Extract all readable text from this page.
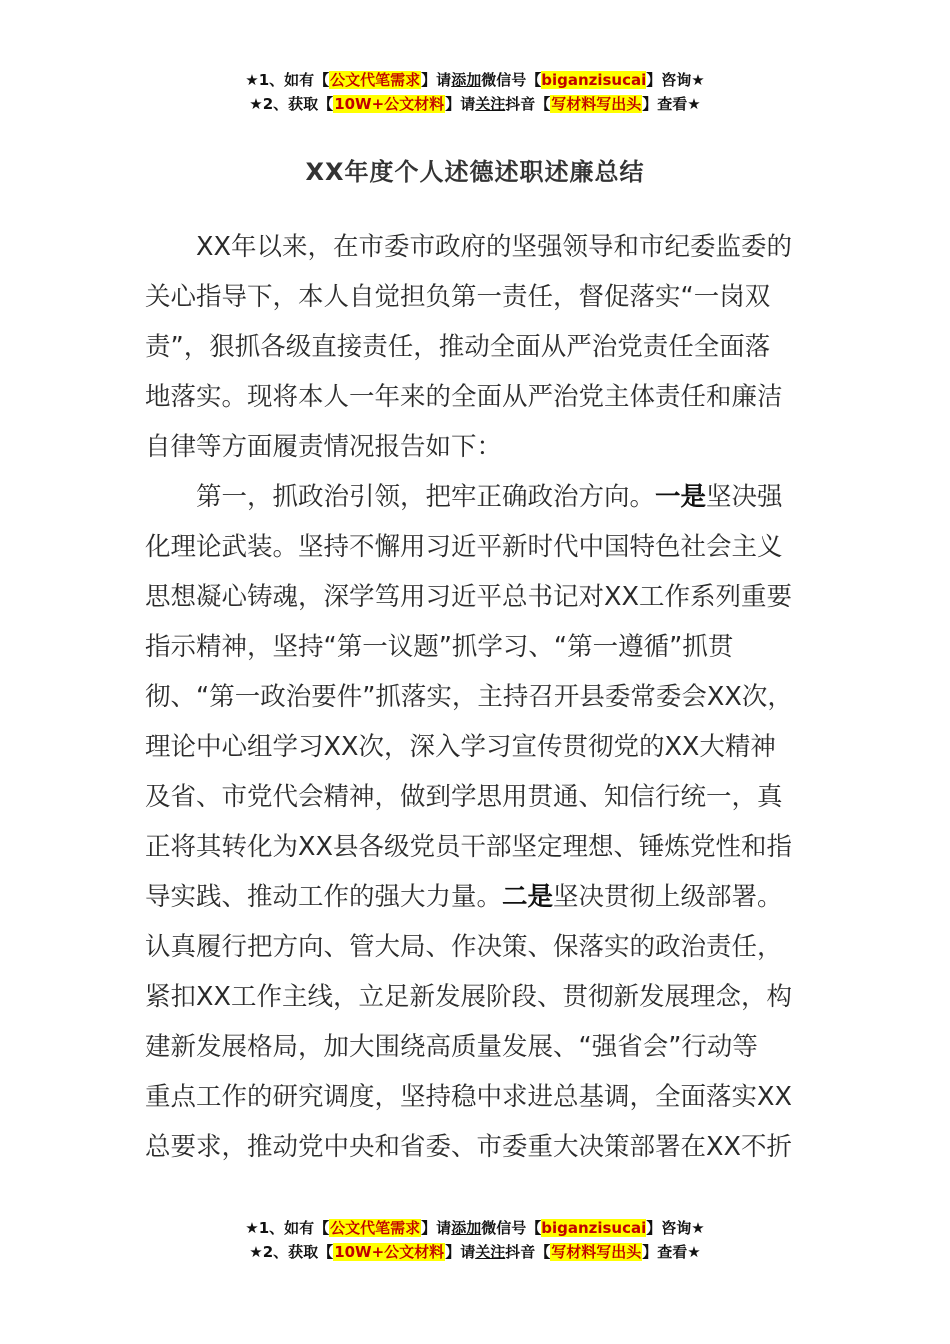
★1、如有【公文代笔需求】请添加微信号【biganzisucai】咨询★
★2、获取【10W+公文材料】请关注抖音【写材料写出头】查看★
XX年度个人述德述职述廉总结
XX年以来，在市委市政府的坚强领导和市纪委监委的
关心指导下，本人自觉担负第一责任，督促落实“一岗双
责”，狠抓各级直接责任，推动全面从严治党责任全面落
地落实。现将本人一年来的全面从严治党主体责任和廉洁
自律等方面履责情况报告如下：
第一，抓政治引领，把牢正确政治方向。一是坚决强
化理论武装。坚持不懈用习近平新时代中国特色社会主义
思想凝心铸魂，深学笃用习近平总书记对XX工作系列重要
指示精神，坚持“第一议题”抓学习、“第一遵循”抓贯
彻、“第一政治要件”抓落实，主持召开县委常委会XX次，
理论中心组学习XX次，深入学习宣传贯彻党的XX大精神
及省、市党代会精神，做到学思用贯通、知信行统一，真
正将其转化为XX县各级党员干部坚定理想、锤炼党性和指
导实践、推动工作的强大力量。二是坚决贯彻上级部署。
认真履行把方向、管大局、作决策、保落实的政治责任，
紧扣XX工作主线，立足新发展阶段、贯彻新发展理念，构
建新发展格局，加大围绕高质量发展、“强省会”行动等
重点工作的研究调度，坚持稳中求进总基调，全面落实XX
总要求，推动党中央和省委、市委重大决策部署在XX不折
★1、如有【公文代笔需求】请添加微信号【biganzisucai】咨询★
★2、获取【10W+公文材料】请关注抖音【写材料写出头】查看★
